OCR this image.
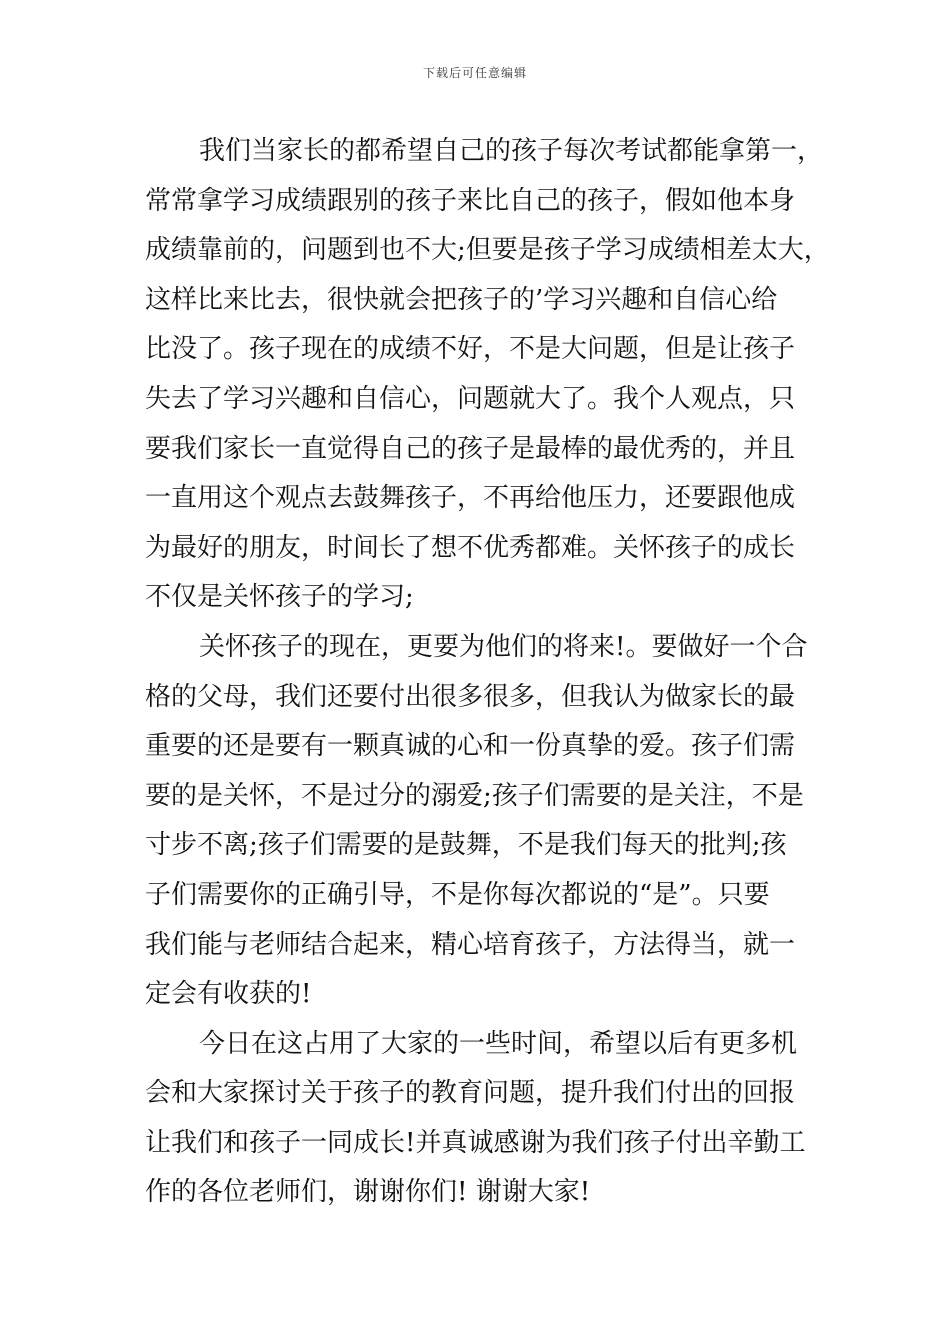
下载后可任意编辑
我们当家长的都希望自己的孩子每次考试都能拿第一，
常常拿学习成绩跟别的孩子来比自己的孩子，假如他本身
成绩靠前的，问题到也不大;但要是孩子学习成绩相差太大，
这样比来比去，很快就会把孩子的’学习兴趣和自信心给
比没了。孩子现在的成绩不好，不是大问题，但是让孩子
失去了学习兴趣和自信心，问题就大了。我个人观点，只
要我们家长一直觉得自己的孩子是最棒的最优秀的，并且
一直用这个观点去鼓舞孩子，不再给他压力，还要跟他成
为最好的朋友，时间长了想不优秀都难。关怀孩子的成长
不仅是关怀孩子的学习;
关怀孩子的现在，更要为他们的将来!。要做好一个合
格的父母，我们还要付出很多很多，但我认为做家长的最
重要的还是要有一颗真诚的心和一份真挚的爱。孩子们需
要的是关怀，不是过分的溺爱;孩子们需要的是关注，不是
寸步不离;孩子们需要的是鼓舞，不是我们每天的批判;孩
子们需要你的正确引导，不是你每次都说的“是”。只要
我们能与老师结合起来，精心培育孩子，方法得当，就一
定会有收获的!
今日在这占用了大家的一些时间，希望以后有更多机
会和大家探讨关于孩子的教育问题，提升我们付出的回报
让我们和孩子一同成长!并真诚感谢为我们孩子付出辛勤工
作的各位老师们，谢谢你们! 谢谢大家!
